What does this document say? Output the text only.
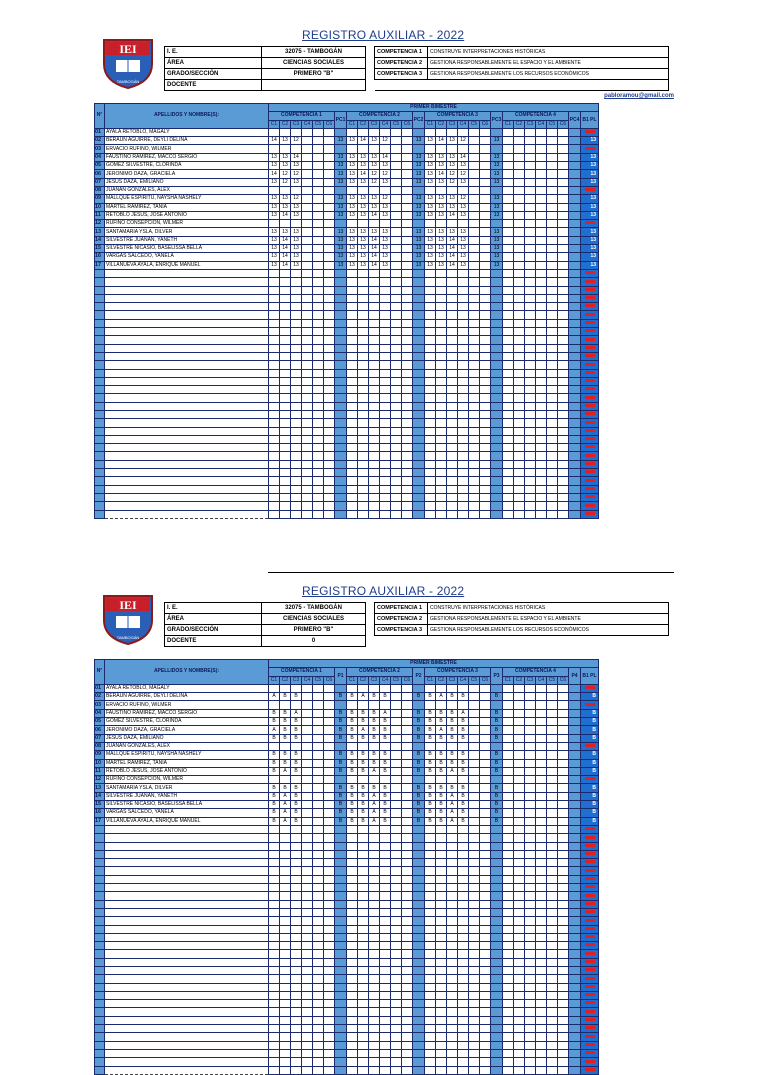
REGISTRO AUXILIAR - 2022
IEI
TAMBOGÁN
I. E.	32075 - TAMBOGÁN		COMPETENCIA 1	CONSTRUYE INTERPRETACIONES HISTÓRICAS
ÁREA	CIENCIAS SOCIALES		COMPETENCIA 2	GESTIONA RESPONSABLEMENTE EL ESPACIO Y EL AMBIENTE
GRADO/SECCIÓN	PRIMERO "B"		COMPETENCIA 3	GESTIONA RESPONSABLEMENTE LOS RECURSOS ECONÓMICOS
DOCENTE				
pabloramou@gmail.com
N°	APELLIDOS Y NOMBRE(S):	PRIMER BIMESTRE																												
		COMPETENCIA 1						PC1	COMPETENCIA 2						PC2	COMPETENCIA 3						PC3	COMPETENCIA 4						PC4	B1 PL
		C1	C2	C3	C4	C5	C6		C1	C2	C3	C4	C5	C6		C1	C2	C3	C4	C5	C6		C1	C2	C3	C4	C5	C6		
01	AYALA RETOBLO, MAGALY																													
02	BERAUN AGUIRRE, DEYLI DELINA	14	13	12				13	13	14	13	12			13	13	14	13	12			13								13
03	ERVACIO RUFINO, WILMER																													
04	FAUSTINO RAMIREZ, MACCO SERGIO	13	13	14				13	13	13	13	14			13	13	13	13	14			13								13
05	GOMEZ SILVESTRE, CLORINDA	13	13	13				13	13	13	13	13			13	13	13	13	13			13								13
06	JERONIMO DAZA, GRACIELA	14	12	12				13	13	14	12	12			13	13	14	12	12			13								13
07	JESUS DAZA, EMILIANO	13	12	13				13	13	13	12	13			13	13	13	12	13			13								13
08	JUANAN GONZALES, ALEX																													
09	MALLQUE ESPIRITU, NAYSHA NASHELY	13	13	12				13	13	13	13	12			13	13	13	13	12			13								13
10	MARTEL RAMIREZ, TANIA	13	13	13				13	13	13	13	13			13	13	13	13	13			13								13
11	RETOBLO JESUS, JOSE ANTONIO	13	14	13				13	13	13	14	13			13	13	13	14	13			13								13
12	RUFINO CONSEPCION, WILMER																													
13	SANTAMARIA YSLA, DILVER	13	13	13				13	13	13	13	13			13	13	13	13	13			13								13
14	SILVESTRE JUANAN, YANETH	13	14	13				13	13	13	14	13			13	13	13	14	13			13								13
15	SILVESTRE NICASIO, BASELISSA BELLA	13	14	13				13	13	13	14	13			13	13	13	14	13			13								13
16	VARGAS SALCEDO, YANELA	13	14	13				13	13	13	14	13			13	13	13	14	13			13								13
17	VILLANUEVA AYALA, ENRIQUE MANUEL	13	14	13				13	13	13	14	13			13	13	13	14	13			13								13

REGISTRO AUXILIAR - 2022
IEI
TAMBOGÁN
I. E.	32075 - TAMBOGÁN		COMPETENCIA 1	CONSTRUYE INTERPRETACIONES HISTÓRICAS
ÁREA	CIENCIAS SOCIALES		COMPETENCIA 2	GESTIONA RESPONSABLEMENTE EL ESPACIO Y EL AMBIENTE
GRADO/SECCIÓN	PRIMERO "B"		COMPETENCIA 3	GESTIONA RESPONSABLEMENTE LOS RECURSOS ECONÓMICOS
DOCENTE	0			
N°	APELLIDOS Y NOMBRE(S):	PRIMER BIMESTRE																												
		COMPETENCIA 1						P1	COMPETENCIA 2						P2	COMPETENCIA 3						P3	COMPETENCIA 4						P4	B1 PL
		C1	C2	C3	C4	C5	C6		C1	C2	C3	C4	C5	C6		C1	C2	C3	C4	C5	C6		C1	C2	C3	C4	C5	C6		
01	AYALA RETOBLO, MAGALY																													
02	BERAUN AGUIRRE, DEYLI DELINA	A	B	B				B	B	A	B	B			B	B	A	B	B			B								B
03	ERVACIO RUFINO, WILMER																													
04	FAUSTINO RAMIREZ, MACCO SERGIO	B	B	A				B	B	B	B	A			B	B	B	B	A			B								B
05	GOMEZ SILVESTRE, CLORINDA	B	B	B				B	B	B	B	B			B	B	B	B	B			B								B
06	JERONIMO DAZA, GRACIELA	A	B	B				B	B	A	B	B			B	B	A	B	B			B								B
07	JESUS DAZA, EMILIANO	B	B	B				B	B	B	B	B			B	B	B	B	B			B								B
08	JUANAN GONZALES, ALEX																													
09	MALLQUE ESPIRITU, NAYSHA NASHELY	B	B	B				B	B	B	B	B			B	B	B	B	B			B								B
10	MARTEL RAMIREZ, TANIA	B	B	B				B	B	B	B	B			B	B	B	B	B			B								B
11	RETOBLO JESUS, JOSE ANTONIO	B	A	B				B	B	B	A	B			B	B	B	A	B			B								B
12	RUFINO CONSEPCION, WILMER																													
13	SANTAMARIA YSLA, DILVER	B	B	B				B	B	B	B	B			B	B	B	B	B			B								B
14	SILVESTRE JUANAN, YANETH	B	A	B				B	B	B	A	B			B	B	B	A	B			B								B
15	SILVESTRE NICASIO, BASELISSA BELLA	B	A	B				B	B	B	A	B			B	B	B	A	B			B								B
16	VARGAS SALCEDO, YANELA	B	A	B				B	B	B	A	B			B	B	B	A	B			B								B
17	VILLANUEVA AYALA, ENRIQUE MANUEL	B	A	B				B	B	B	A	B			B	B	B	A	B			B								B
